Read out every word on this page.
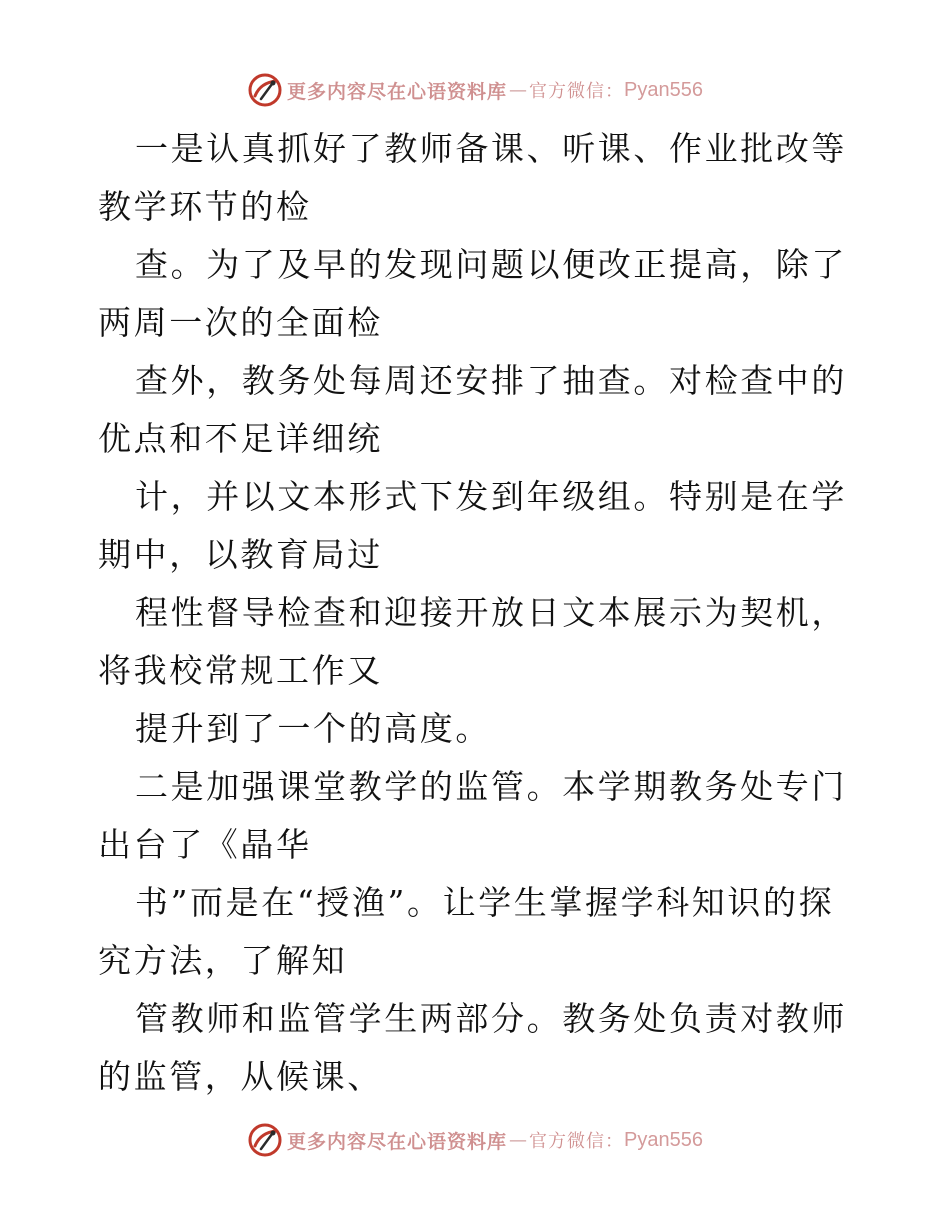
更多内容尽在心语资料库 — 官方微信： Pyan556

一是认真抓好了教师备课、听课、作业批改等教学环节的检

查。为了及早的发现问题以便改正提高，除了两周一次的全面检

查外，教务处每周还安排了抽查。对检查中的优点和不足详细统

计，并以文本形式下发到年级组。特别是在学期中，以教育局过

程性督导检查和迎接开放日文本展示为契机，将我校常规工作又

提升到了一个的高度。

二是加强课堂教学的监管。本学期教务处专门出台了《晶华

书”而是在“授渔”。让学生掌握学科知识的探究方法，了解知

管教师和监管学生两部分。教务处负责对教师的监管，从候课、

更多内容尽在心语资料库 — 官方微信： Pyan556
